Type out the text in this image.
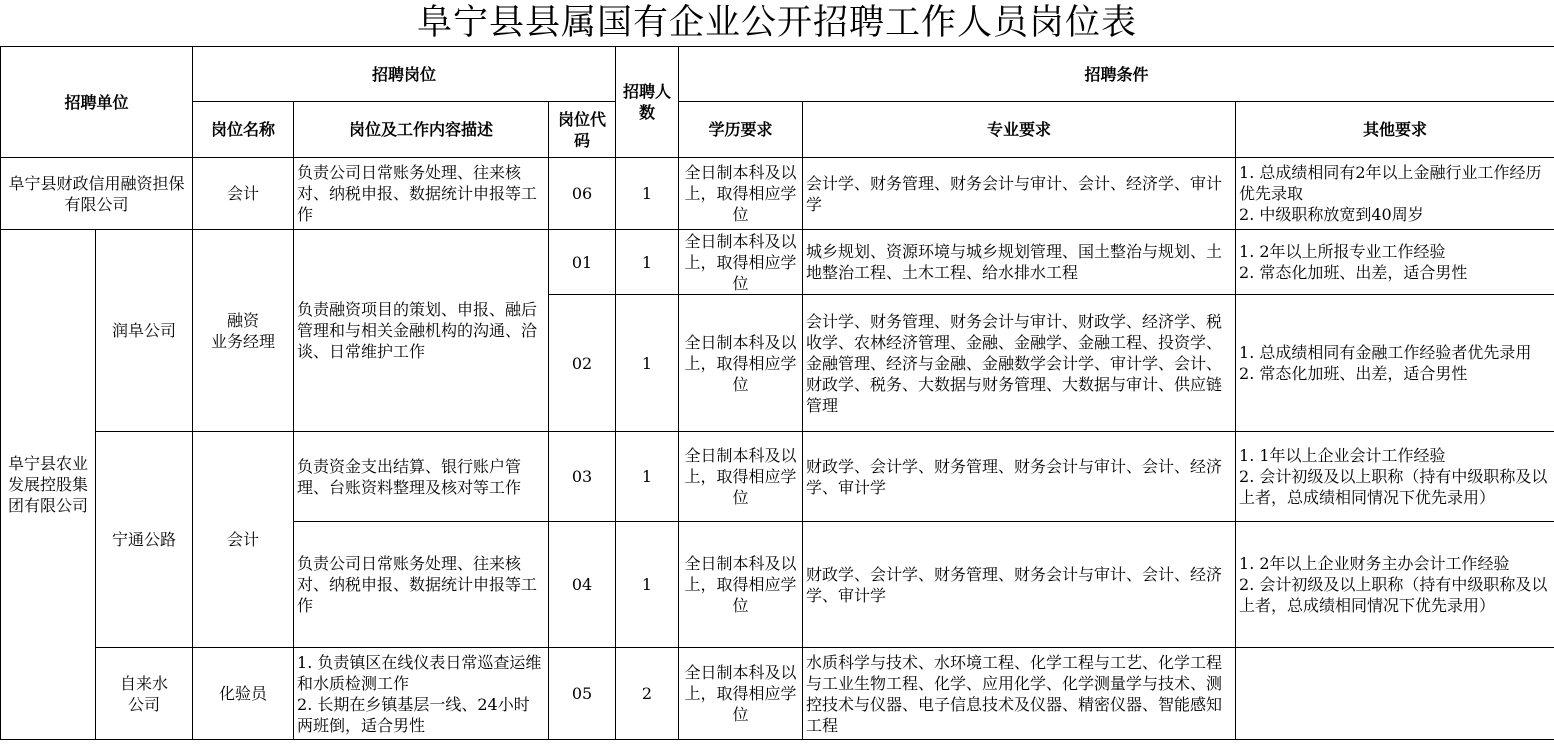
阜宁县县属国有企业公开招聘工作人员岗位表
招聘单位		招聘岗位			招聘人数	招聘条件		
		岗位名称	岗位及工作内容描述	岗位代码		学历要求	专业要求	其他要求
阜宁县财政信用融资担保有限公司		会计	负责公司日常账务处理、往来核对、纳税申报、数据统计申报等工作	06	1	全日制本科及以上，取得相应学位	会计学、财务管理、财务会计与审计、会计、经济学、审计学	1. 总成绩相同有2年以上金融行业工作经历优先录取
2. 中级职称放宽到40周岁
阜宁县农业发展控股集团有限公司	润阜公司	融资
业务经理	负责融资项目的策划、申报、融后管理和与相关金融机构的沟通、洽谈、日常维护工作	01	1	全日制本科及以上，取得相应学位	城乡规划、资源环境与城乡规划管理、国土整治与规划、土地整治工程、土木工程、给水排水工程	1. 2年以上所报专业工作经验
2. 常态化加班、出差，适合男性
				02	1	全日制本科及以上，取得相应学位	会计学、财务管理、财务会计与审计、财政学、经济学、税收学、农林经济管理、金融、金融学、金融工程、投资学、金融管理、经济与金融、金融数学会计学、审计学、会计、财政学、税务、大数据与财务管理、大数据与审计、供应链管理	1. 总成绩相同有金融工作经验者优先录用
2. 常态化加班、出差，适合男性
	宁通公路	会计	负责资金支出结算、银行账户管理、台账资料整理及核对等工作	03	1	全日制本科及以上，取得相应学位	财政学、会计学、财务管理、财务会计与审计、会计、经济学、审计学	1. 1年以上企业会计工作经验
2. 会计初级及以上职称（持有中级职称及以上者，总成绩相同情况下优先录用）
			负责公司日常账务处理、往来核对、纳税申报、数据统计申报等工作	04	1	全日制本科及以上，取得相应学位	财政学、会计学、财务管理、财务会计与审计、会计、经济学、审计学	1. 2年以上企业财务主办会计工作经验
2. 会计初级及以上职称（持有中级职称及以上者，总成绩相同情况下优先录用）
	自来水
公司	化验员	1. 负责镇区在线仪表日常巡查运维和水质检测工作
2. 长期在乡镇基层一线、24小时两班倒，适合男性	05	2	全日制本科及以上，取得相应学位	水质科学与技术、水环境工程、化学工程与工艺、化学工程与工业生物工程、化学、应用化学、化学测量学与技术、测控技术与仪器、电子信息技术及仪器、精密仪器、智能感知工程	
